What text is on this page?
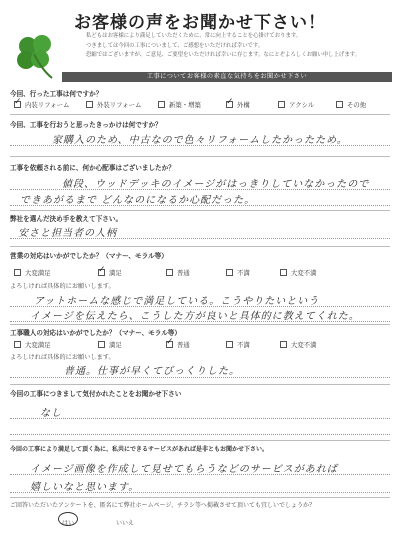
お客様の声をお聞かせ下さい！
私どもはお客様により満足していただくために、常に向上することを心掛けております。
つきましては今回の工事についまして、ご感想をいただければ幸いです。
恐縮ではございますが、ご意見、ご要望をいただければ幸いに存じます。なにとぞよろしくお願い申し上げます。
工事についてお客様の素直な気持ちをお聞かせ下さい
今回、行った工事は何ですか？
✓
内装リフォーム	外装リフォーム	新築・増築 ✓	外構	アクシル	その他
今回、工事を行おうと思ったきっかけは何ですか？
家購入のため、中古なので色々リフォームしたかったため。
工事を依頼される前に、何か心配事はございましたか？
値段、ウッドデッキのイメージがはっきりしていなかったので
できあがるまで どんなのになるか心配だった。
弊社を選んだ決め手を教えて下さい。
安さと担当者の人柄
営業の対応はいかがでしたか？（マナー、モラル等）
大変満足 ✓	満足	普通	不満	大変不満
よろしければ具体的にお願いします。
アットホームな感じで満足している。こうやりたいという
イメージを伝えたら、こうした方が良いと具体的に教えてくれた。
工事職人の対応はいかがでしたか？（マナー、モラル等）
大変満足	満足 ✓	普通	不満	大変不満
よろしければ具体的にお願いします。
普通。仕事が早くてびっくりした。
今回の工事につきまして気付かれたことをお聞かせ下さい
なし
今回の工事により満足して頂く為に、私共にできるサービスがあれば是非ともお聞かせ下さい。
イメージ画像を作成して見せてもらうなどのサービスがあれば
嬉しいなと思います。
ご回答いただいたアンケートを、匿名にて弊社ホームページ、チラシ等へ掲載させて頂いても宜しいでしょうか？
はい	いいえ
